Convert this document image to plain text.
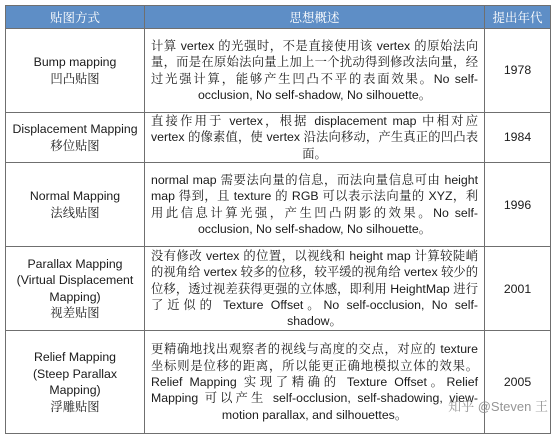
贴图方式	思想概述	提出年代

Bump mapping
凹凸贴图	计算 vertex 的光强时，不是直接使用该 vertex 的原始法向量，而是在原始法向量上加上一个扰动得到修改法向量，经过光强计算，能够产生凹凸不平的表面效果。No self-occlusion, No self-shadow, No silhouette。	1978

Displacement Mapping
移位贴图	直接作用于 vertex，根据 displacement map 中相对应 vertex 的像素值，使 vertex 沿法向移动，产生真正的凹凸表面。	1984

Normal Mapping
法线贴图	normal map 需要法向量的信息，而法向量信息可由 height map 得到，且 texture 的 RGB 可以表示法向量的 XYZ，利用此信息计算光强，产生凹凸阴影的效果。No self-occlusion, No self-shadow, No silhouette。	1996

Parallax Mapping
(Virtual Displacement
Mapping)
视差贴图	没有修改 vertex 的位置，以视线和 height map 计算较陡峭的视角给 vertex 较多的位移，较平缓的视角给 vertex 较少的位移，透过视差获得更强的立体感，即利用 HeightMap 进行了近似的 Texture Offset。No self-occlusion, No self-shadow。	2001

Relief Mapping
(Steep Parallax
Mapping)
浮雕贴图	更精确地找出观察者的视线与高度的交点，对应的 texture 坐标则是位移的距离，所以能更正确地模拟立体的效果。Relief Mapping 实现了精确的 Texture Offset。Relief Mapping 可以产生 self-occlusion, self-shadowing, view-motion parallax, and silhouettes。	2005
知乎 @Steven 王
